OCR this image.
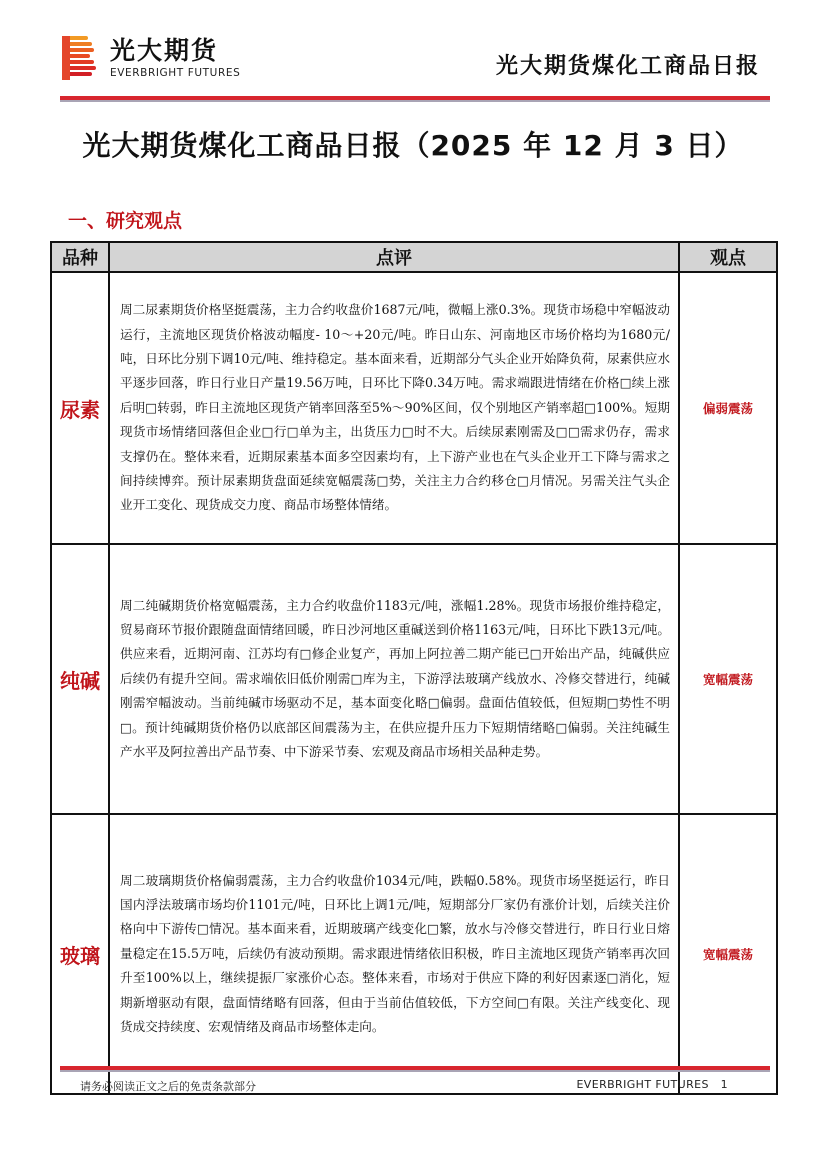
光大期货
EVERBRIGHT FUTURES	光大期货煤化工商品日报
光大期货煤化工商品日报（2025 年 12 月 3 日）
一、研究观点
品种	点评	观点
尿素	周二尿素期货价格坚挺震荡，主力合约收盘价1687元/吨，微幅上涨0.3%。现货市场稳中窄幅波动运行，主流地区现货价格波动幅度- 10～+20元/吨。昨日山东、河南地区市场价格均为1680元/吨，日环比分别下调10元/吨、维持稳定。基本面来看，近期部分气头企业开始降负荷，尿素供应水平逐步回落，昨日行业日产量19.56万吨，日环比下降0.34万吨。需求端跟进情绪在价格□续上涨后明□转弱，昨日主流地区现货产销率回落至5%～90%区间，仅个别地区产销率超□100%。短期现货市场情绪回落但企业□行□单为主，出货压力□时不大。后续尿素刚需及□□需求仍存，需求支撑仍在。整体来看，近期尿素基本面多空因素均有，上下游产业也在气头企业开工下降与需求之间持续博弈。预计尿素期货盘面延续宽幅震荡□势，关注主力合约移仓□月情况。另需关注气头企业开工变化、现货成交力度、商品市场整体情绪。	偏弱震荡
纯碱	周二纯碱期货价格宽幅震荡，主力合约收盘价1183元/吨，涨幅1.28%。现货市场报价维持稳定，贸易商环节报价跟随盘面情绪回暖，昨日沙河地区重碱送到价格1163元/吨，日环比下跌13元/吨。供应来看，近期河南、江苏均有□修企业复产，再加上阿拉善二期产能已□开始出产品，纯碱供应后续仍有提升空间。需求端依旧低价刚需□库为主，下游浮法玻璃产线放水、冷修交替进行，纯碱刚需窄幅波动。当前纯碱市场驱动不足，基本面变化略□偏弱。盘面估值较低，但短期□势性不明□。预计纯碱期货价格仍以底部区间震荡为主，在供应提升压力下短期情绪略□偏弱。关注纯碱生产水平及阿拉善出产品节奏、中下游采节奏、宏观及商品市场相关品种走势。	宽幅震荡
玻璃	周二玻璃期货价格偏弱震荡，主力合约收盘价1034元/吨，跌幅0.58%。现货市场坚挺运行，昨日国内浮法玻璃市场均价1101元/吨，日环比上调1元/吨，短期部分厂家仍有涨价计划，后续关注价格向中下游传□情况。基本面来看，近期玻璃产线变化□繁，放水与冷修交替进行，昨日行业日熔量稳定在15.5万吨，后续仍有波动预期。需求跟进情绪依旧积极，昨日主流地区现货产销率再次回升至100%以上，继续提振厂家涨价心态。整体来看，市场对于供应下降的利好因素逐□消化，短期新增驱动有限，盘面情绪略有回落，但由于当前估值较低，下方空间□有限。关注产线变化、现货成交持续度、宏观情绪及商品市场整体走向。	宽幅震荡
请务必阅读正文之后的免责条款部分	EVERBRIGHT FUTURES 1
